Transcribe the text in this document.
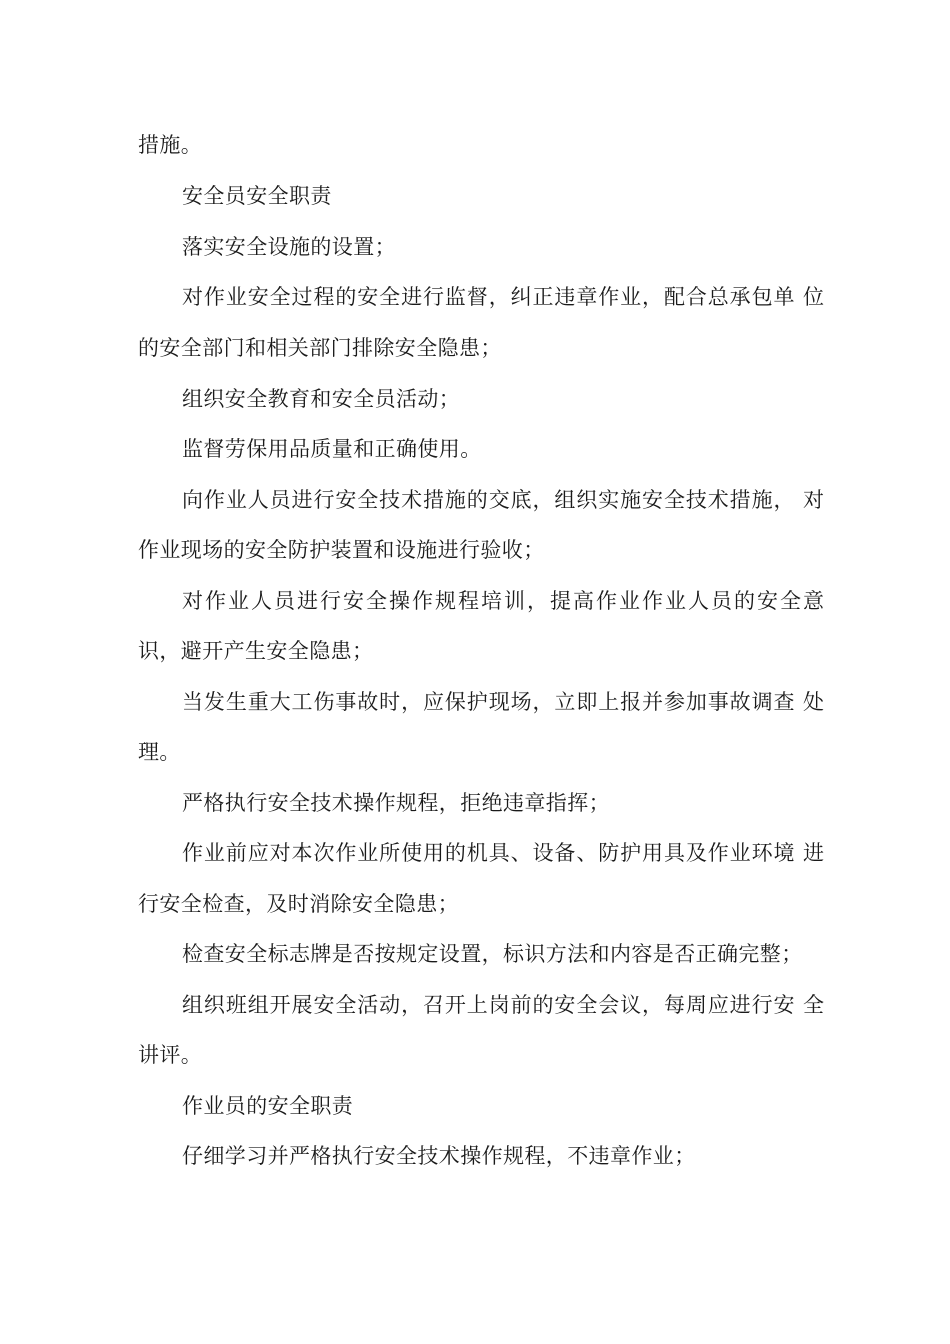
措施。
安全员安全职责
落实安全设施的设置；
对作业安全过程的安全进行监督，纠正违章作业，配合总承包单 位
的安全部门和相关部门排除安全隐患；
组织安全教育和安全员活动；
监督劳保用品质量和正确使用。
向作业人员进行安全技术措施的交底，组织实施安全技术措施， 对
作业现场的安全防护装置和设施进行验收；
对作业人员进行安全操作规程培训，提高作业作业人员的安全意
识，避开产生安全隐患；
当发生重大工伤事故时，应保护现场，立即上报并参加事故调查 处
理。
严格执行安全技术操作规程，拒绝违章指挥；
作业前应对本次作业所使用的机具、设备、防护用具及作业环境 进
行安全检查，及时消除安全隐患；
检查安全标志牌是否按规定设置，标识方法和内容是否正确完整；
组织班组开展安全活动，召开上岗前的安全会议，每周应进行安 全
讲评。
作业员的安全职责
仔细学习并严格执行安全技术操作规程，不违章作业；
